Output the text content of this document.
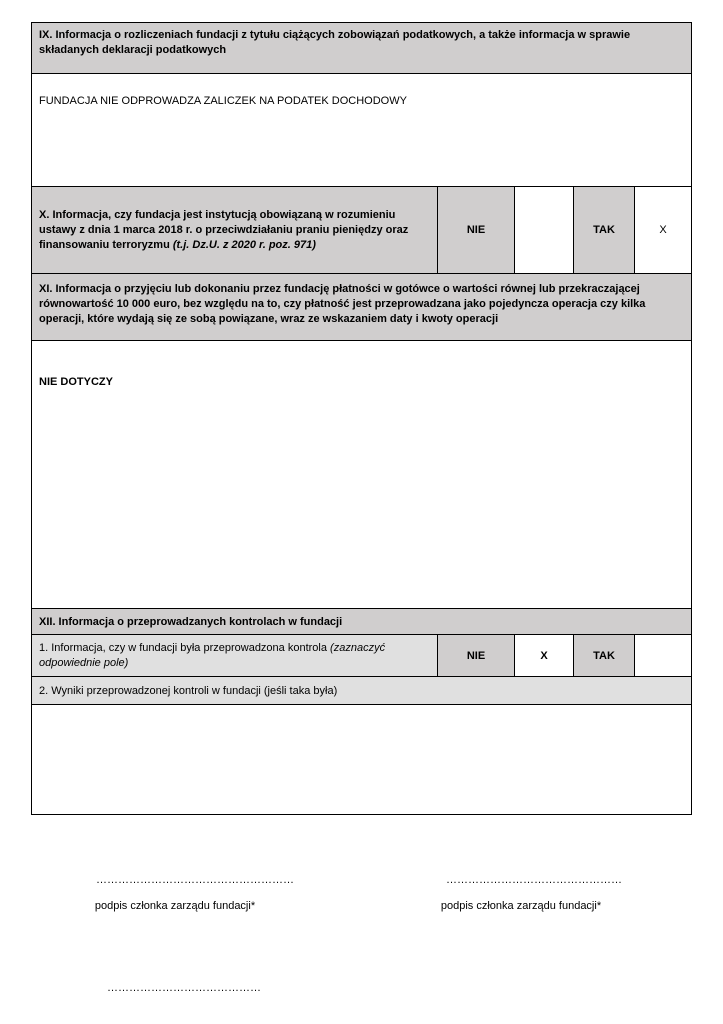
IX. Informacja o rozliczeniach fundacji z tytułu ciążących zobowiązań podatkowych, a także informacja w sprawie składanych deklaracji podatkowych
FUNDACJA NIE ODPROWADZA ZALICZEK NA PODATEK DOCHODOWY
X. Informacja, czy fundacja jest instytucją obowiązaną w rozumieniu ustawy z dnia 1 marca 2018 r. o przeciwdziałaniu praniu pieniędzy oraz finansowaniu terroryzmu (t.j. Dz.U. z 2020 r. poz. 971)
NIE	TAK	X
XI. Informacja o przyjęciu lub dokonaniu przez fundację płatności w gotówce o wartości równej lub przekraczającej równowartość 10 000 euro, bez względu na to, czy płatność jest przeprowadzana jako pojedyncza operacja czy kilka operacji, które wydają się ze sobą powiązane, wraz ze wskazaniem daty i kwoty operacji
NIE DOTYCZY
XII. Informacja o przeprowadzanych kontrolach w fundacji
1. Informacja, czy w fundacji była przeprowadzona kontrola (zaznaczyć odpowiednie pole)
NIE	X	TAK
2. Wyniki przeprowadzonej kontroli w fundacji (jeśli taka była)
………………………………………………	…………………………………………
podpis członka zarządu fundacji*	podpis członka zarządu fundacji*
……………………………………
